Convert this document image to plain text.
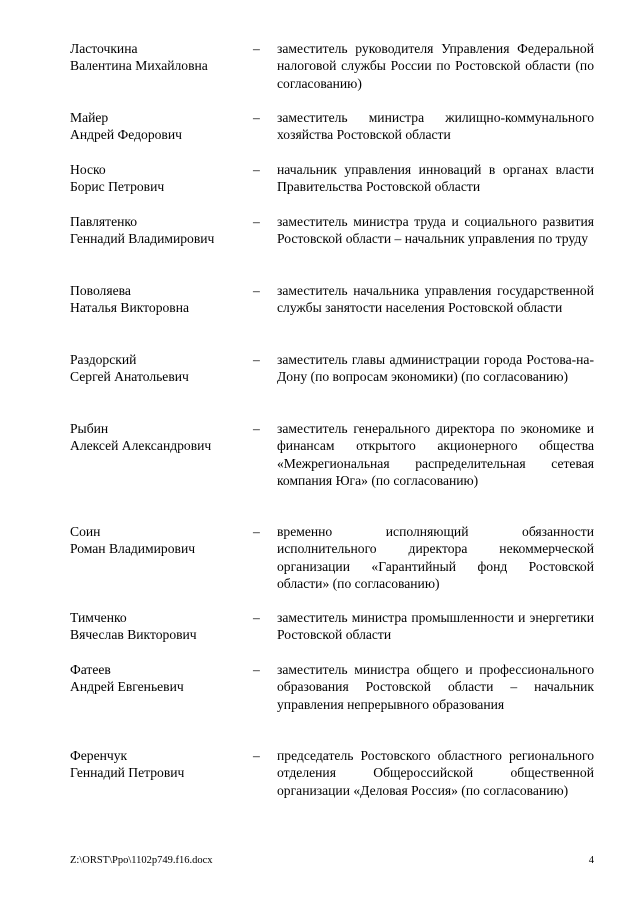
Ласточкина
Валентина Михайловна
– заместитель руководителя Управления Федеральной налоговой службы России по Ростовской области (по согласованию)
Майер
Андрей Федорович
– заместитель министра жилищно-коммунального хозяйства Ростовской области
Носко
Борис Петрович
– начальник управления инноваций в органах власти Правительства Ростовской области
Павлятенко
Геннадий Владимирович
– заместитель министра труда и социального развития Ростовской области – начальник управления по труду
Поволяева
Наталья Викторовна
– заместитель начальника управления государственной службы занятости населения Ростовской области
Раздорский
Сергей Анатольевич
– заместитель главы администрации города Ростова-на-Дону (по вопросам экономики) (по согласованию)
Рыбин
Алексей Александрович
– заместитель генерального директора по экономике и финансам открытого акционерного общества «Межрегиональная распределительная сетевая компания Юга» (по согласованию)
Соин
Роман Владимирович
– временно исполняющий обязанности исполнительного директора некоммерческой организации «Гарантийный фонд Ростовской области» (по согласованию)
Тимченко
Вячеслав Викторович
– заместитель министра промышленности и энергетики Ростовской области
Фатеев
Андрей Евгеньевич
– заместитель министра общего и профессионального образования Ростовской области – начальник управления непрерывного образования
Ференчук
Геннадий Петрович
– председатель Ростовского областного регионального отделения Общероссийской общественной организации «Деловая Россия» (по согласованию)
Z:\ORST\Ppo\1102p749.f16.docx	4
